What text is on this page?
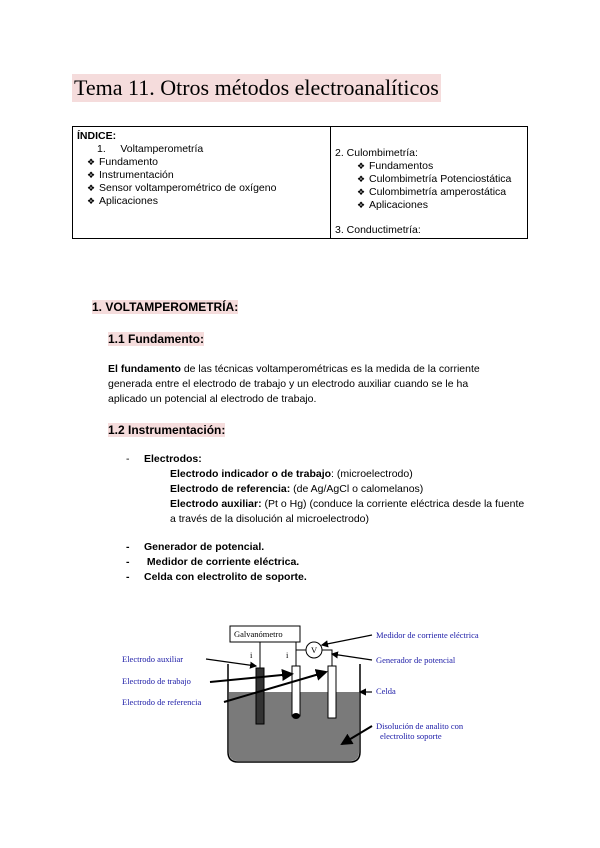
Tema 11. Otros métodos electroanalíticos
ÍNDICE:
1.     Voltamperometría
❖ Fundamento
❖ Instrumentación
❖ Sensor voltamperométrico de oxígeno
❖ Aplicaciones
2. Culombimetría:
❖ Fundamentos
❖ Culombimetría Potenciostática
❖ Culombimetría amperostática
❖ Aplicaciones
3. Conductimetría:
1. VOLTAMPEROMETRÍA:
1.1 Fundamento:
El fundamento de las técnicas voltamperométricas es la medida de la corriente generada entre el electrodo de trabajo y un electrodo auxiliar cuando se le ha aplicado un potencial al electrodo de trabajo.
1.2 Instrumentación:
- Electrodos:
Electrodo indicador o de trabajo: (microelectrodo)
Electrodo de referencia: (de Ag/AgCl o calomelanos)
Electrodo auxiliar: (Pt o Hg) (conduce la corriente eléctrica desde la fuente a través de la disolución al microelectrodo)
- Generador de potencial.
- Medidor de corriente eléctrica.
- Celda con electrolito de soporte.
Galvanómetro
V
i	i
Electrodo auxiliar
Electrodo de trabajo
Electrodo de referencia
Medidor de corriente eléctrica
Generador de potencial
Celda
Disolución de analito con
electrolito soporte
